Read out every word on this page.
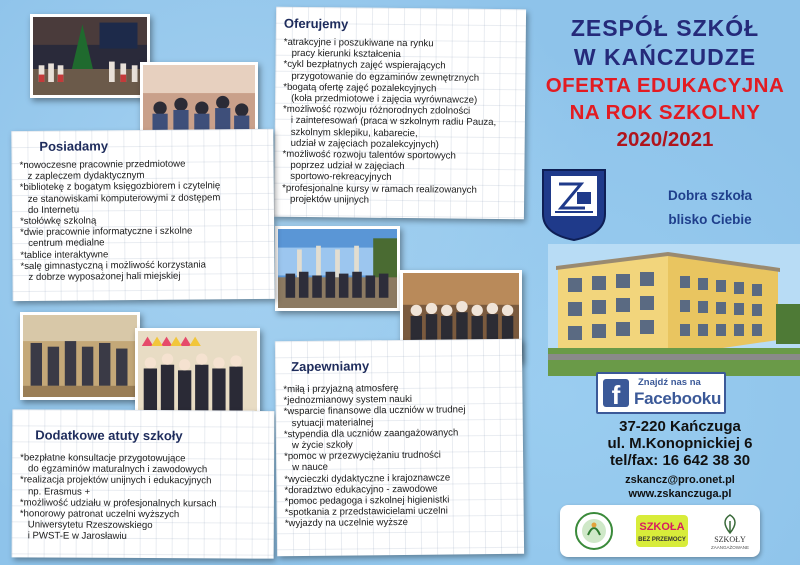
Oferujemy
*atrakcyjne i poszukiwane na rynku
pracy kierunki kształcenia
*cykl bezpłatnych zajęć wspierających
przygotowanie do egzaminów zewnętrznych
*bogatą ofertę zajęć pozalekcyjnych
(koła przedmiotowe i zajęcia wyrównawcze)
*możliwość rozwoju różnorodnych zdolności
i zainteresowań (praca w szkolnym radiu Pauza,
szkolnym sklepiku, kabarecie,
udział w zajęciach pozalekcyjnych)
*możliwość rozwoju talentów sportowych
poprzez udział w zajęciach
sportowo-rekreacyjnych
*profesjonalne kursy w ramach realizowanych
projektów unijnych
Posiadamy
*nowoczesne pracownie przedmiotowe
z zapleczem dydaktycznym
*bibliotekę z bogatym księgozbiorem i czytelnię
ze stanowiskami komputerowymi z dostępem
do Internetu
*stołówkę szkolną
*dwie pracownie informatyczne i szkolne
centrum medialne
*tablice interaktywne
*salę gimnastyczną i możliwość korzystania
z dobrze wyposażonej hali miejskiej
Dodatkowe atuty szkoły
*bezpłatne konsultacje przygotowujące
do egzaminów maturalnych i zawodowych
*realizacja projektów unijnych i edukacyjnych
np. Erasmus +
*możliwość udziału w profesjonalnych kursach
*honorowy patronat uczelni wyższych
Uniwersytetu Rzeszowskiego
i PWST-E w Jarosławiu
Zapewniamy
*miłą i przyjazną atmosferę
*jednozmianowy system nauki
*wsparcie finansowe dla uczniów w trudnej
sytuacji materialnej
*stypendia dla uczniów zaangażowanych
w życie szkoły
*pomoc w przezwyciężaniu trudności
w nauce
*wycieczki dydaktyczne i krajoznawcze
*doradztwo edukacyjno - zawodowe
*pomoc pedagoga i szkolnej higienistki
*spotkania z przedstawicielami uczelni
*wyjazdy na uczelnie wyższe
ZESPÓŁ SZKÓŁ
W KAŃCZUDZE
OFERTA EDUKACYJNA
NA ROK SZKOLNY
2020/2021
Dobra szkoła
blisko Ciebie
f	Znajdź nas na
Facebooku
37-220 Kańczuga
ul. M.Konopnickiej 6
tel/fax: 16 642 38 30
zskancz@pro.onet.pl
www.zskanczuga.pl
SZKOŁA
BEZ PRZEMOCY	SZKOŁY
ZAANGAŻOWANE
